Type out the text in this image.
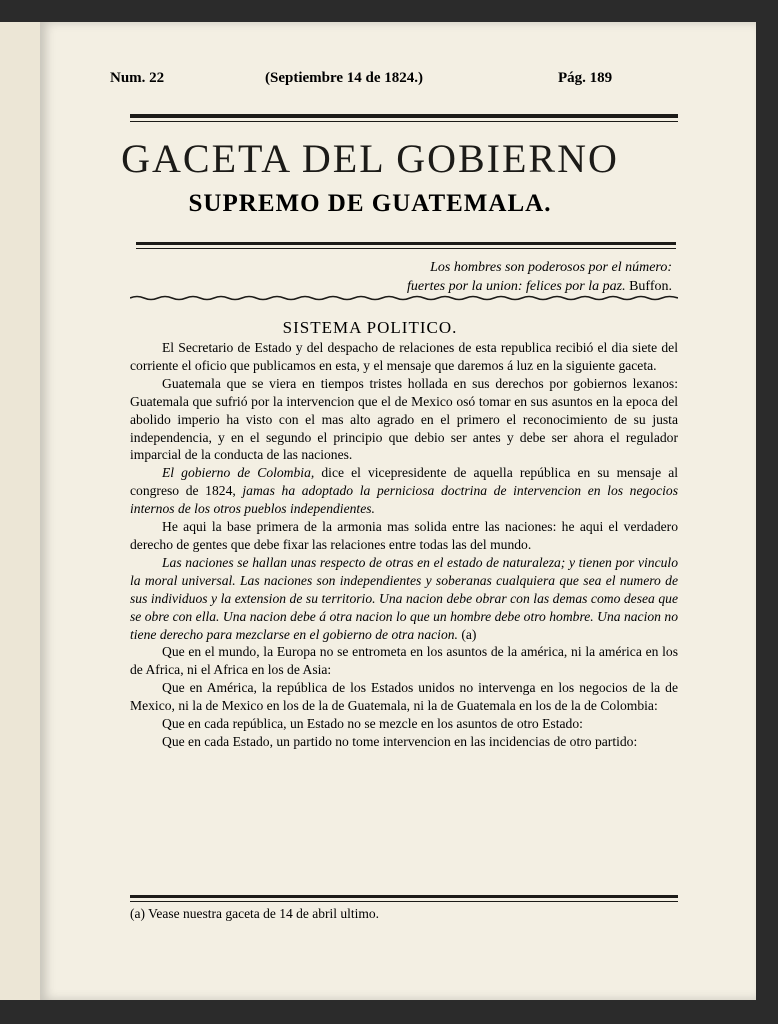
Num. 22	(Septiembre 14 de 1824.)	Pág. 189
GACETA DEL GOBIERNO
SUPREMO DE GUATEMALA.
Los hombres son poderosos por el número:
fuertes por la union: felices por la paz. Buffon.
SISTEMA POLITICO.

El Secretario de Estado y del despacho de relaciones de esta republica recibió el dia siete del corriente el oficio que publicamos en esta, y el mensaje que daremos á luz en la siguiente gaceta.

Guatemala que se viera en tiempos tristes hollada en sus derechos por gobiernos lexanos: Guatemala que sufrió por la intervencion que el de Mexico osó tomar en sus asuntos en la epoca del abolido imperio ha visto con el mas alto agrado en el primero el reconocimiento de su justa independencia, y en el segundo el principio que debio ser antes y debe ser ahora el regulador imparcial de la conducta de las naciones.

El gobierno de Colombia, dice el vicepresidente de aquella república en su mensaje al congreso de 1824, jamas ha adoptado la perniciosa doctrina de intervencion en los negocios internos de los otros pueblos independientes.

He aqui la base primera de la armonia mas solida entre las naciones: he aqui el verdadero derecho de gentes que debe fixar las relaciones entre todas las del mundo.

Las naciones se hallan unas respecto de otras en el estado de naturaleza; y tienen por vinculo la moral universal. Las naciones son independientes y soberanas cualquiera que sea el numero de sus individuos y la extension de su territorio. Una nacion debe obrar con las demas como desea que se obre con ella. Una nacion debe á otra nacion lo que un hombre debe otro hombre. Una nacion no tiene derecho para mezclarse en el gobierno de otra nacion. (a)

Que en el mundo, la Europa no se entrometa en los asuntos de la américa, ni la américa en los de Africa, ni el Africa en los de Asia:

Que en América, la república de los Estados unidos no intervenga en los negocios de la de Mexico, ni la de Mexico en los de la de Guatemala, ni la de Guatemala en los de la de Colombia:

Que en cada república, un Estado no se mezcle en los asuntos de otro Estado:

Que en cada Estado, un partido no tome intervencion en las incidencias de otro partido:

(a) Vease nuestra gaceta de 14 de abril ultimo.
